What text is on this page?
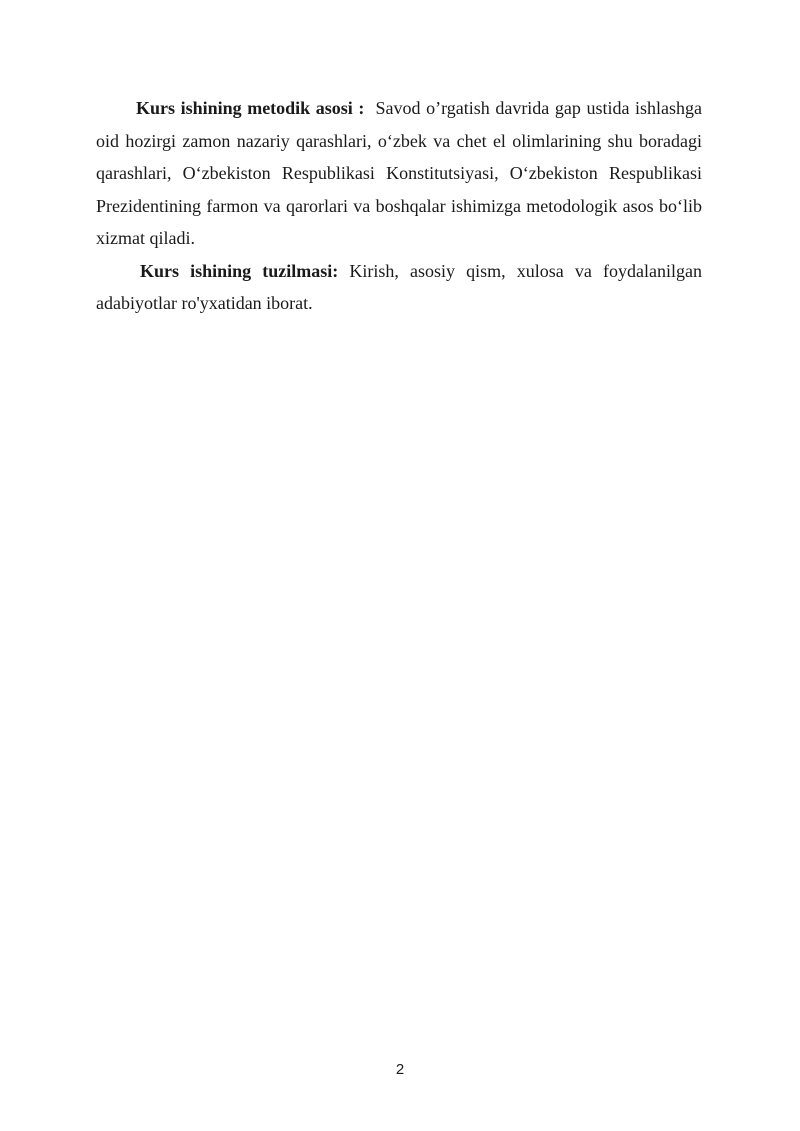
Kurs ishining metodik asosi : Savod o’rgatish davrida gap ustida ishlashga oid hozirgi zamon nazariy qarashlari, o‘zbek va chet el olimlarining shu boradagi qarashlari, O‘zbekiston Respublikasi Konstitutsiyasi, O‘zbekiston Respublikasi Prezidentining farmon va qarorlari va boshqalar ishimizga metodologik asos bo‘lib xizmat qiladi.

Kurs ishining tuzilmasi: Kirish, asosiy qism, xulosa va foydalanilgan adabiyotlar ro'yxatidan iborat.

2
